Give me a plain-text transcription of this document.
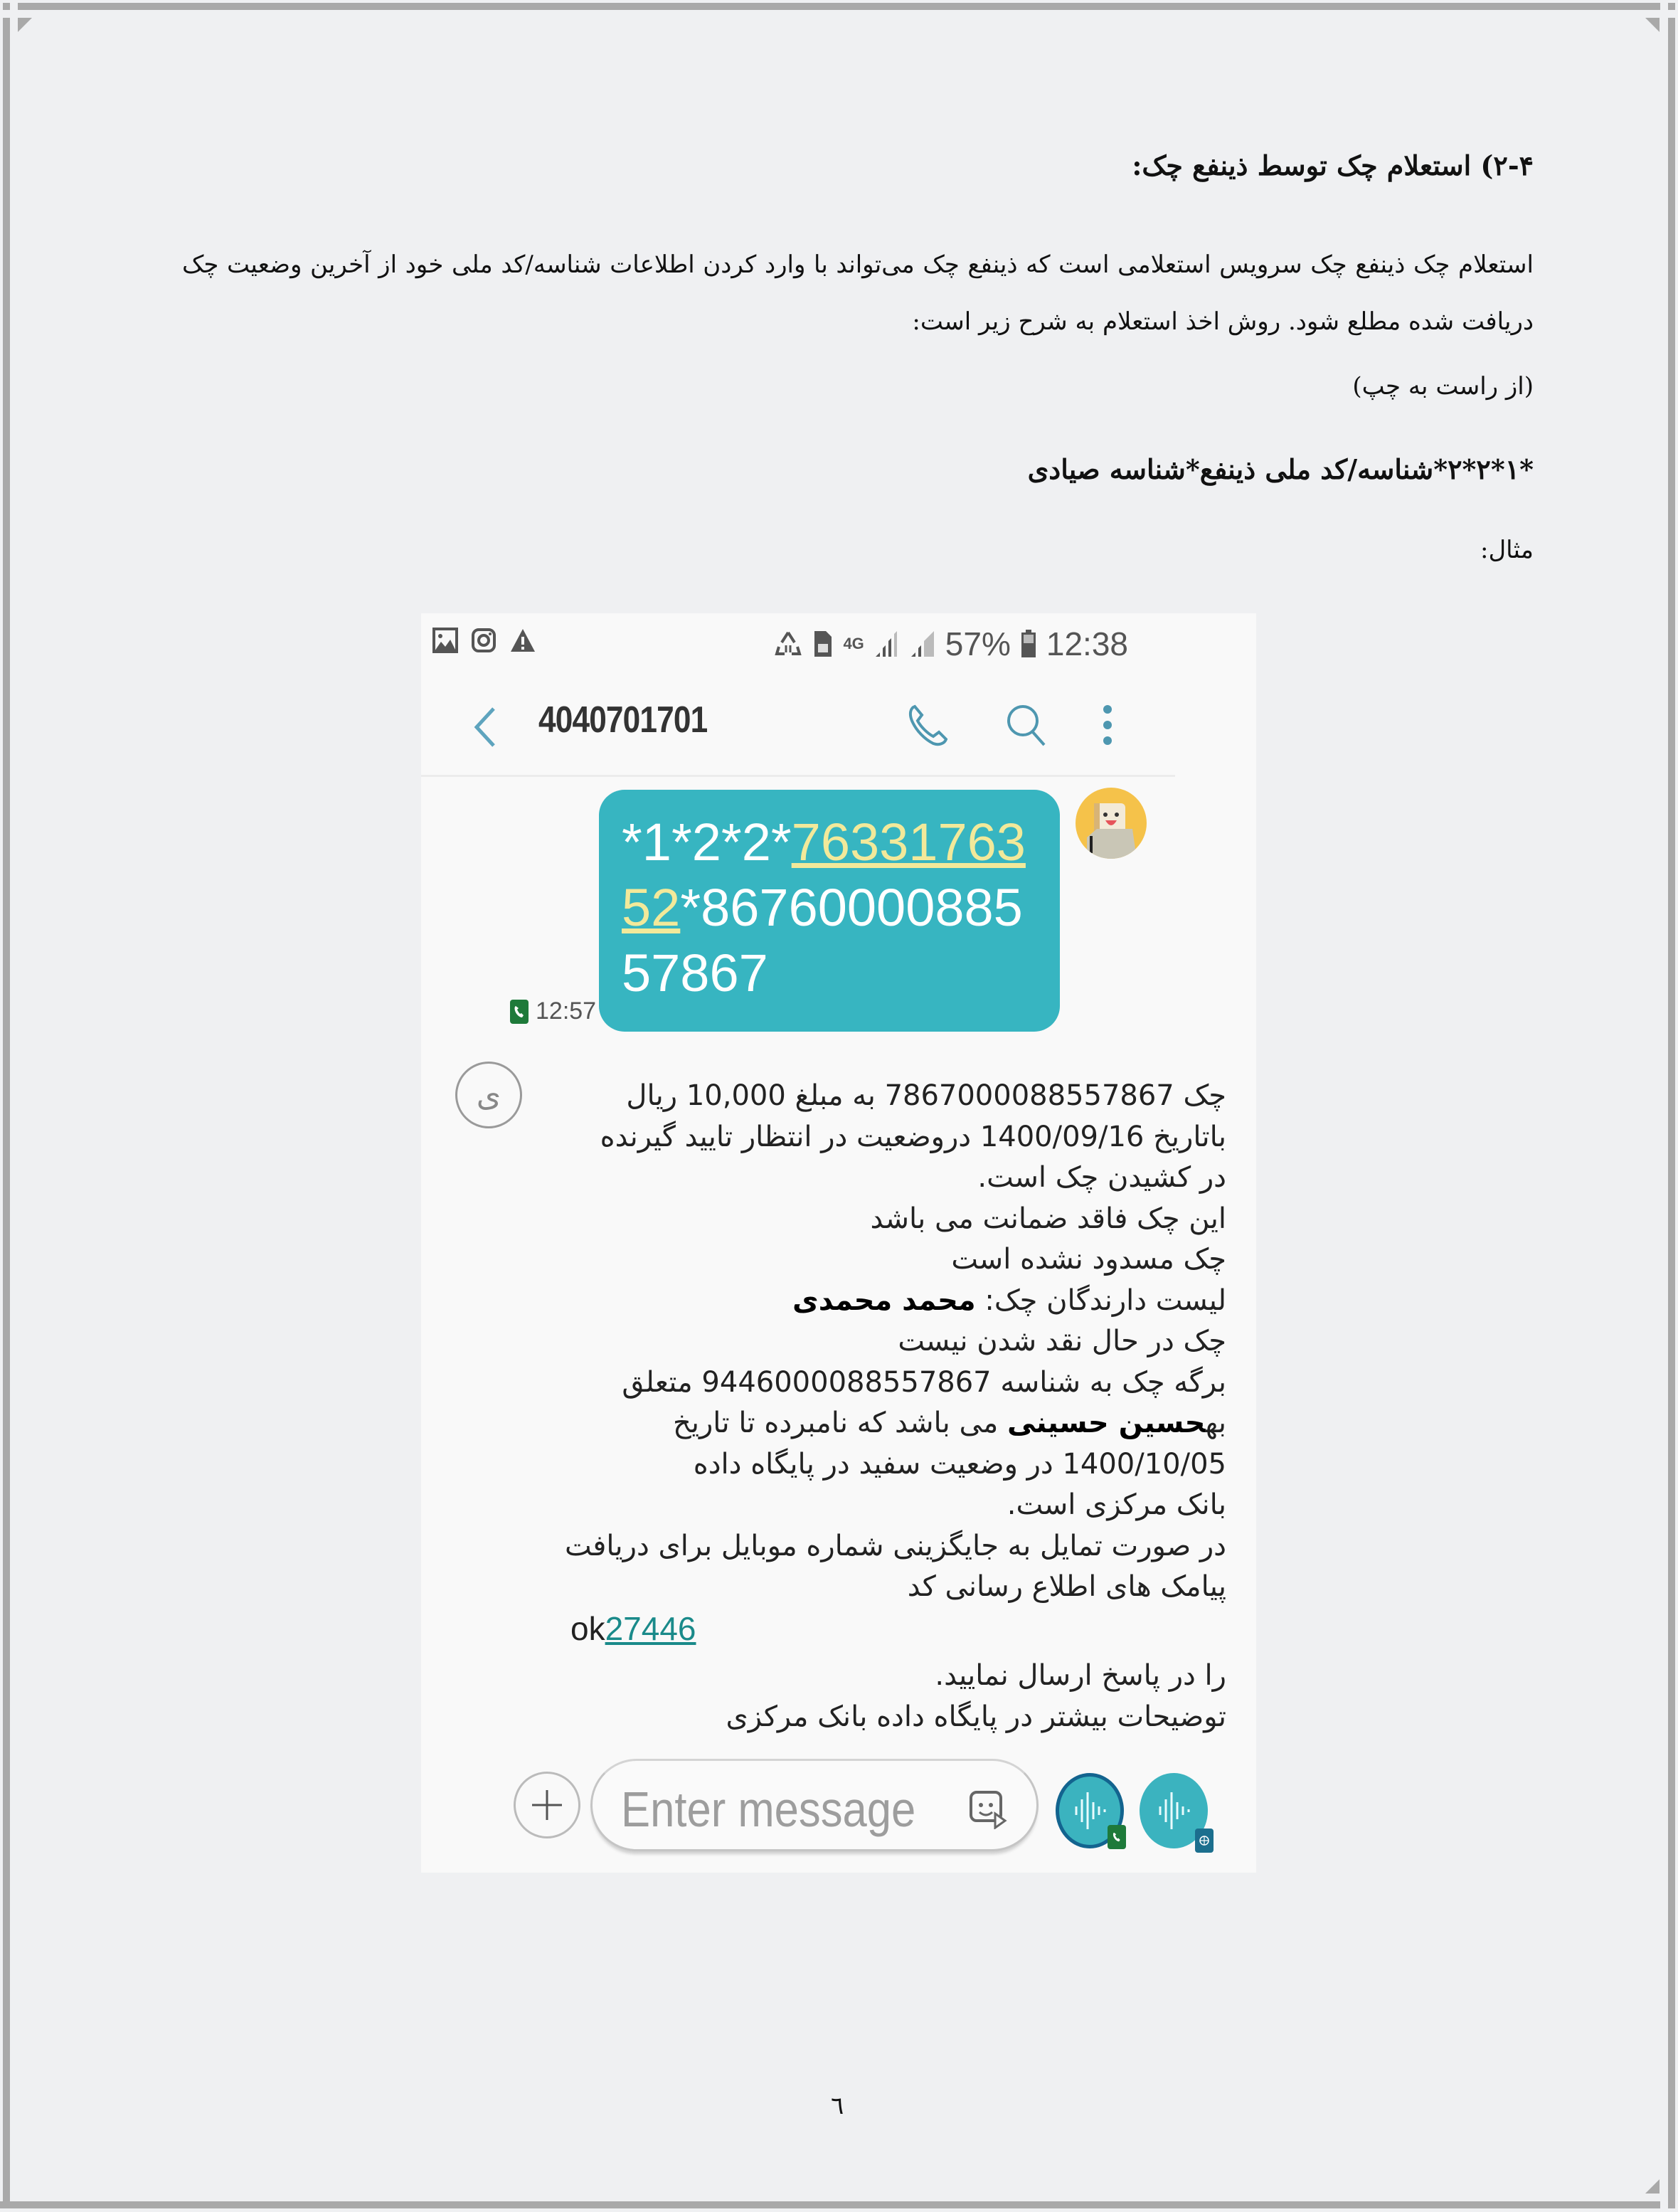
۲-۴) استعلام چک توسط ذینفع چک:
استعلام چک ذینفع چک سرویس استعلامی است که ذینفع چک می‌تواند با وارد کردن اطلاعات شناسه/کد ملی خود از آخرین وضعیت چک دریافت شده مطلع شود. روش اخذ استعلام به شرح زیر است:
(از راست به چپ)
*۱*۲*۲*شناسه/کد ملی ذینفع*شناسه صیادی
مثال:
4G 57% 12:38
4040701701
*1*2*2*76331763
52*86760000885
57867
12:57
ی	چک 7867000088557867 به مبلغ 10,000 ریال
باتاریخ 1400/09/16 دروضعیت در انتظار تایید گیرنده
در کشیدن چک است.
این چک فاقد ضمانت می باشد
چک مسدود نشده است
لیست دارندگان چک: محمد محمدی
چک در حال نقد شدن نیست
برگه چک به شناسه 9446000088557867 متعلق
بهحسین حسینی می باشد که نامبرده تا تاریخ
1400/10/05 در وضعیت سفید در پایگاه داده
بانک مرکزی است.
در صورت تمایل به جایگزینی شماره موبایل برای دریافت
پیامک های اطلاع رسانی کد
ok27446
را در پاسخ ارسال نمایید.
توضیحات بیشتر در پایگاه داده بانک مرکزی
Enter message
٦
